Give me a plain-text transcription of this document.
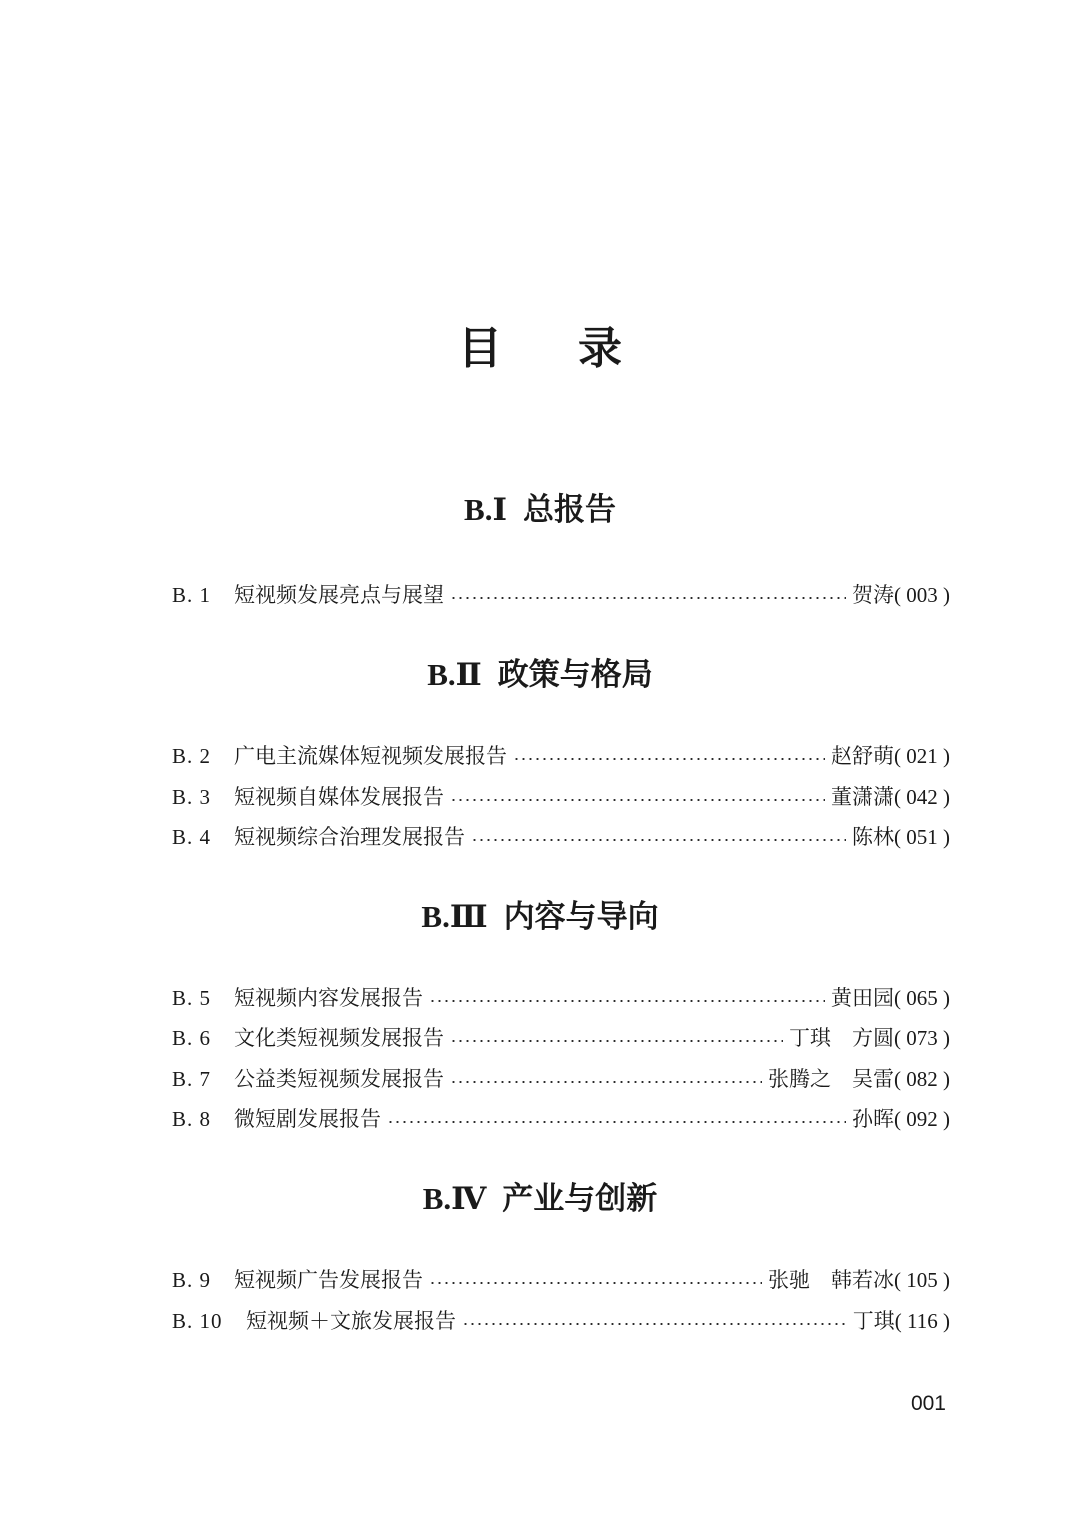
目 录
B.Ⅰ 总报告
B. 1	短视频发展亮点与展望	贺涛 ( 003 )
B.Ⅱ 政策与格局
B. 2	广电主流媒体短视频发展报告	赵舒萌 ( 021 )
B. 3	短视频自媒体发展报告	董潇潇 ( 042 )
B. 4	短视频综合治理发展报告	陈林 ( 051 )
B.Ⅲ 内容与导向
B. 5	短视频内容发展报告	黄田园 ( 065 )
B. 6	文化类短视频发展报告	丁琪　方圆 ( 073 )
B. 7	公益类短视频发展报告	张腾之　吴雷 ( 082 )
B. 8	微短剧发展报告	孙晖 ( 092 )
B.Ⅳ 产业与创新
B. 9	短视频广告发展报告	张驰　韩若冰 ( 105 )
B. 10	短视频＋文旅发展报告	丁琪 ( 116 )
001
